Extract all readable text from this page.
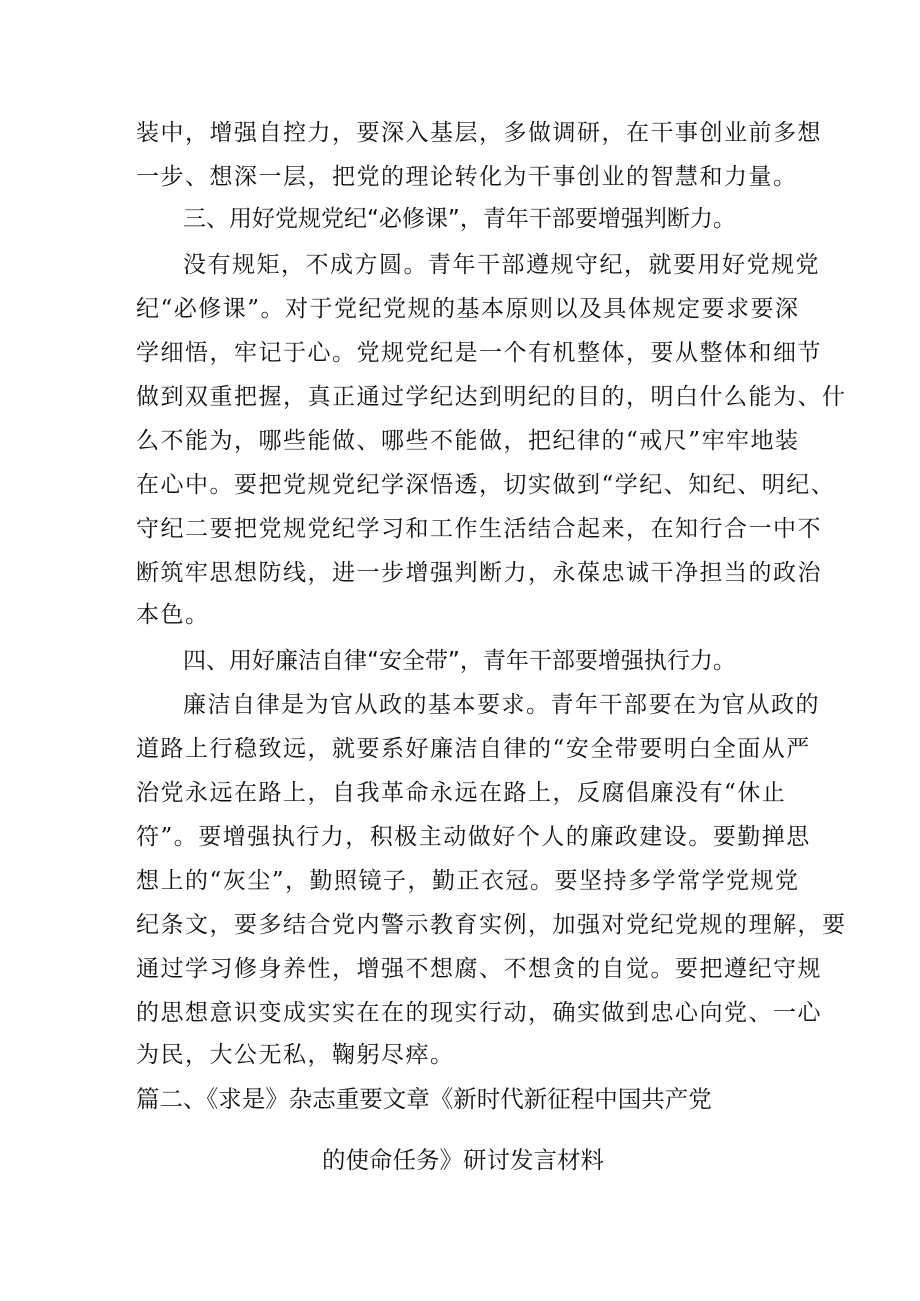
装中，增强自控力，要深入基层，多做调研，在干事创业前多想
一步、想深一层，把党的理论转化为干事创业的智慧和力量。
三、用好党规党纪“必修课”，青年干部要增强判断力。
没有规矩，不成方圆。青年干部遵规守纪，就要用好党规党
纪“必修课”。对于党纪党规的基本原则以及具体规定要求要深
学细悟，牢记于心。党规党纪是一个有机整体，要从整体和细节
做到双重把握，真正通过学纪达到明纪的目的，明白什么能为、什
么不能为，哪些能做、哪些不能做，把纪律的“戒尺”牢牢地装
在心中。要把党规党纪学深悟透，切实做到“学纪、知纪、明纪、
守纪二要把党规党纪学习和工作生活结合起来，在知行合一中不
断筑牢思想防线，进一步增强判断力，永葆忠诚干净担当的政治
本色。
四、用好廉洁自律“安全带”，青年干部要增强执行力。
廉洁自律是为官从政的基本要求。青年干部要在为官从政的
道路上行稳致远，就要系好廉洁自律的“安全带要明白全面从严
治党永远在路上，自我革命永远在路上，反腐倡廉没有“休止
符”。要增强执行力，积极主动做好个人的廉政建设。要勤掸思
想上的“灰尘”，勤照镜子，勤正衣冠。要坚持多学常学党规党
纪条文，要多结合党内警示教育实例，加强对党纪党规的理解，要
通过学习修身养性，增强不想腐、不想贪的自觉。要把遵纪守规
的思想意识变成实实在在的现实行动，确实做到忠心向党、一心
为民，大公无私，鞠躬尽瘁。
篇二、《求是》杂志重要文章《新时代新征程中国共产党
的使命任务》研讨发言材料
